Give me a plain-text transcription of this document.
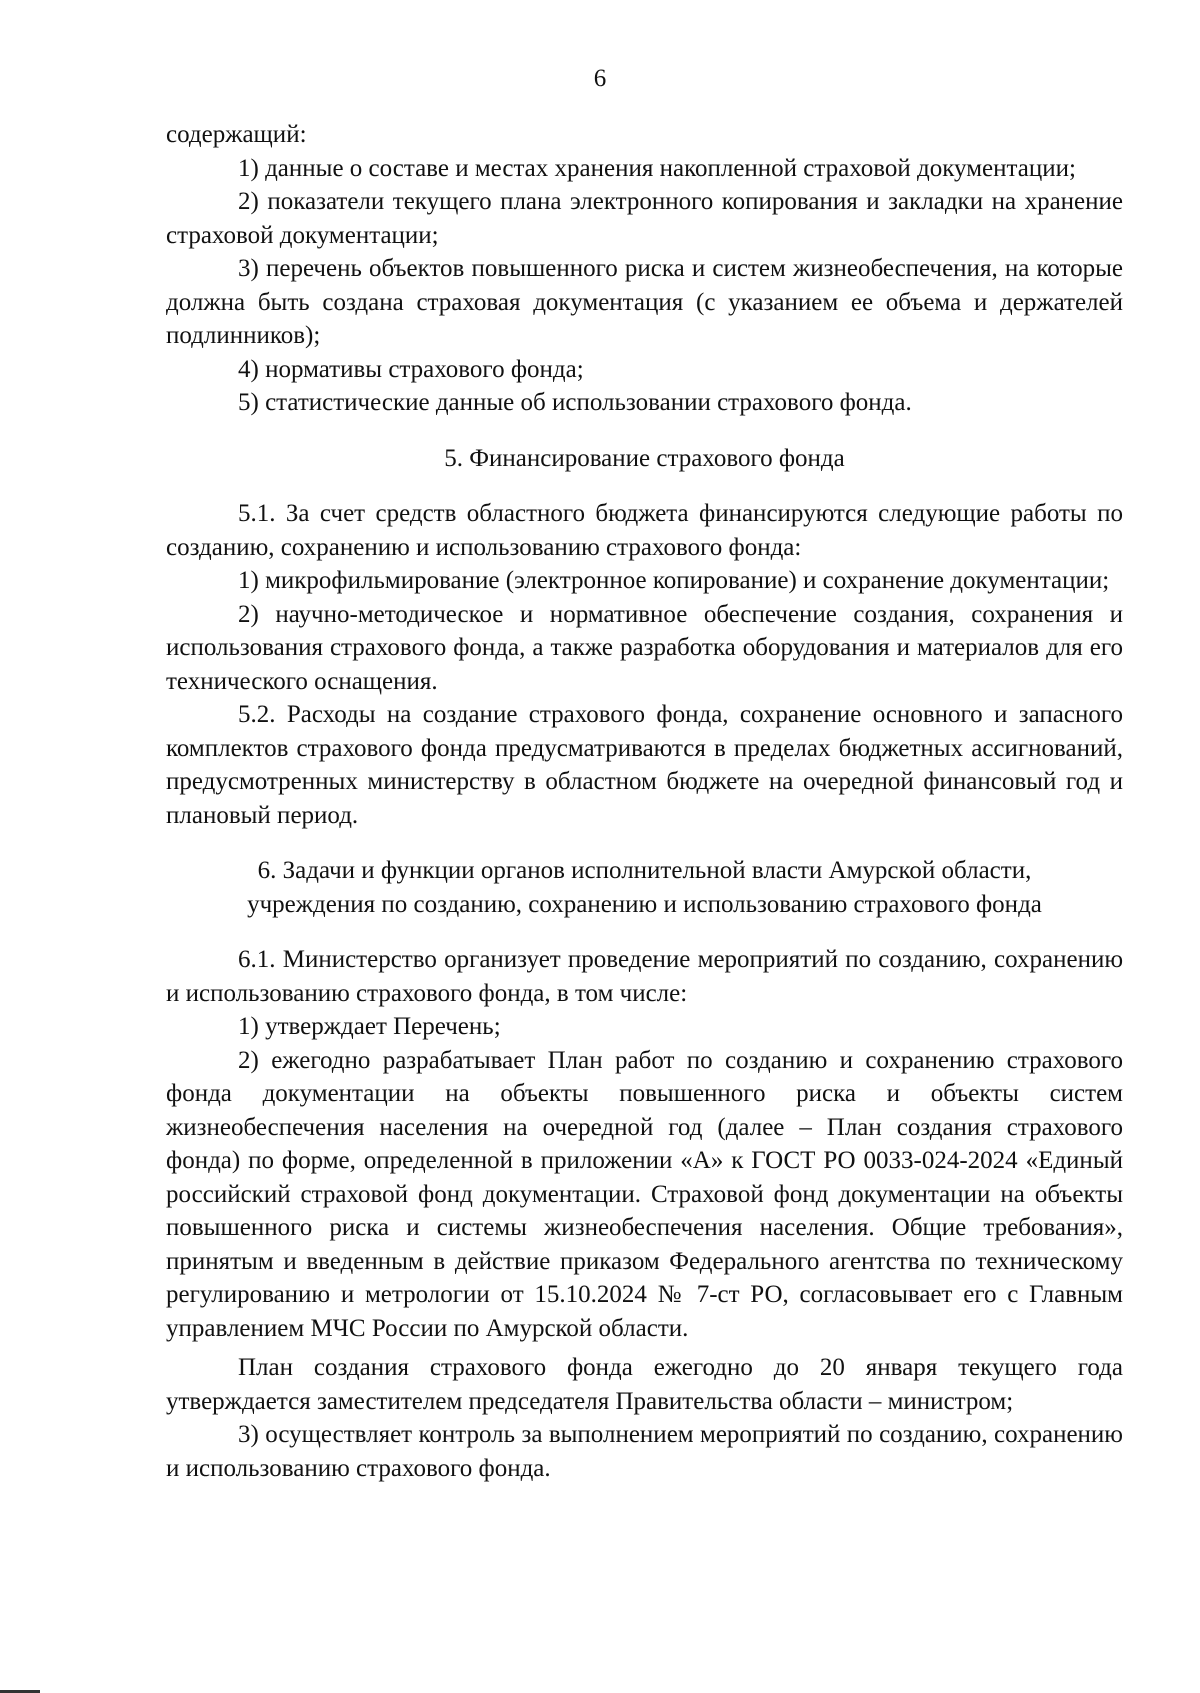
6

содержащий:

1) данные о составе и местах хранения накопленной страховой документации;

2) показатели текущего плана электронного копирования и закладки на хранение страховой документации;

3) перечень объектов повышенного риска и систем жизнеобеспечения, на которые должна быть создана страховая документация (с указанием ее объема и держателей подлинников);

4) нормативы страхового фонда;

5) статистические данные об использовании страхового фонда.

5. Финансирование страхового фонда

5.1. За счет средств областного бюджета финансируются следующие работы по созданию, сохранению и использованию страхового фонда:

1) микрофильмирование (электронное копирование) и сохранение документации;

2) научно-методическое и нормативное обеспечение создания, сохранения и использования страхового фонда, а также разработка оборудования и материалов для его технического оснащения.

5.2. Расходы на создание страхового фонда, сохранение основного и запасного комплектов страхового фонда предусматриваются в пределах бюджетных ассигнований, предусмотренных министерству в областном бюджете на очередной финансовый год и плановый период.

6. Задачи и функции органов исполнительной власти Амурской области,

учреждения по созданию, сохранению и использованию страхового фонда

6.1. Министерство организует проведение мероприятий по созданию, сохранению и использованию страхового фонда, в том числе:

1) утверждает Перечень;

2) ежегодно разрабатывает План работ по созданию и сохранению страхового фонда документации на объекты повышенного риска и объекты систем жизнеобеспечения населения на очередной год (далее – План создания страхового фонда) по форме, определенной в приложении «А» к ГОСТ РО 0033-024-2024 «Единый российский страховой фонд документации. Страховой фонд документации на объекты повышенного риска и системы жизнеобеспечения населения. Общие требования», принятым и введенным в действие приказом Федерального агентства по техническому регулированию и метрологии от 15.10.2024 № 7-ст РО, согласовывает его с Главным управлением МЧС России по Амурской области.

План создания страхового фонда ежегодно до 20 января текущего года утверждается заместителем председателя Правительства области – министром;

3) осуществляет контроль за выполнением мероприятий по созданию, сохранению и использованию страхового фонда.
